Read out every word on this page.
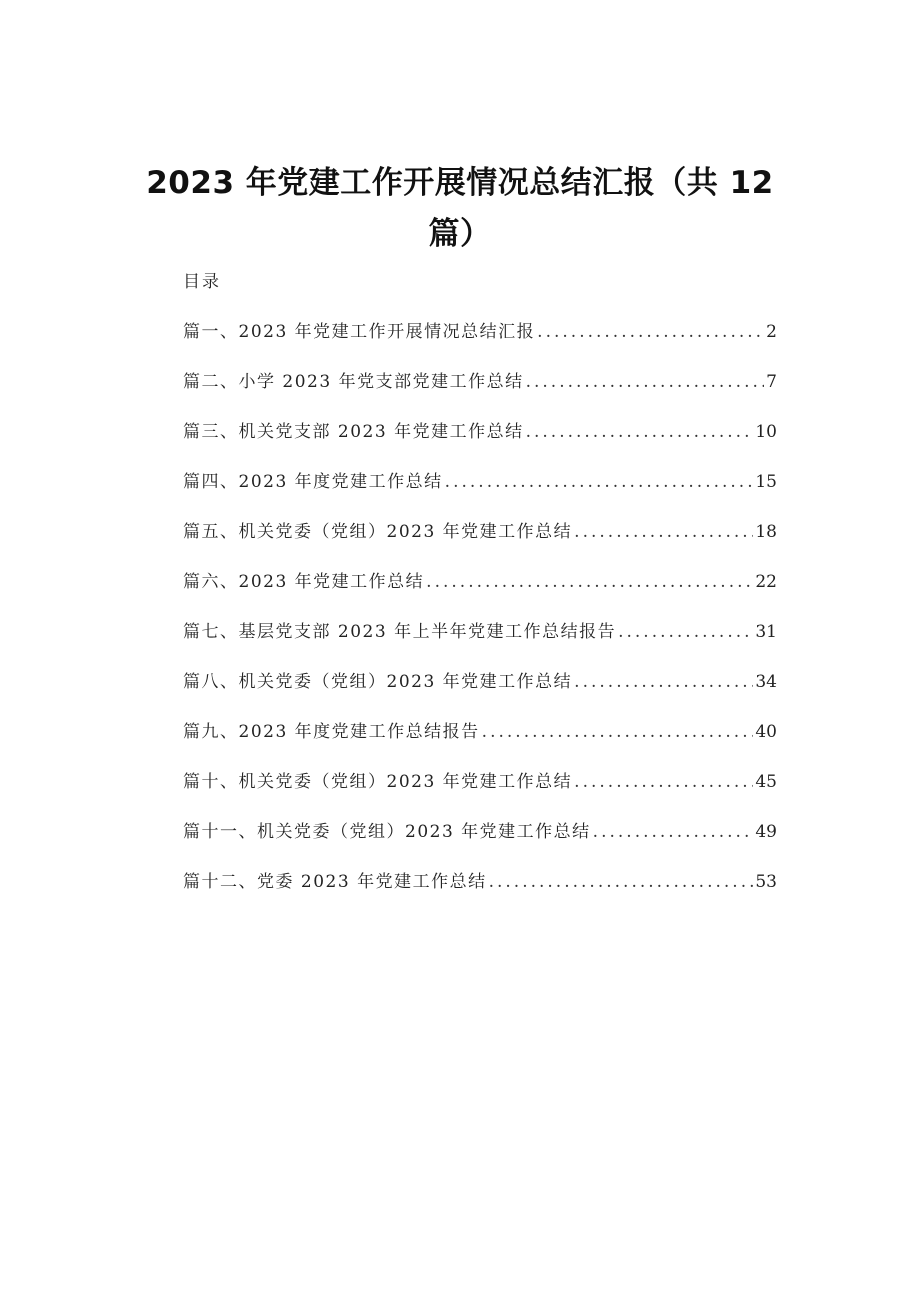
2023 年党建工作开展情况总结汇报（共 12
篇）
目录
篇一、2023 年党建工作开展情况总结汇报 .....	2
篇二、小学 2023 年党支部党建工作总结 .....	7
篇三、机关党支部 2023 年党建工作总结 .....	10
篇四、2023 年度党建工作总结 .....	15
篇五、机关党委（党组）2023 年党建工作总结 .....	18
篇六、2023 年党建工作总结 .....	22
篇七、基层党支部 2023 年上半年党建工作总结报告 .....	31
篇八、机关党委（党组）2023 年党建工作总结 .....	34
篇九、2023 年度党建工作总结报告 .....	40
篇十、机关党委（党组）2023 年党建工作总结 .....	45
篇十一、机关党委（党组）2023 年党建工作总结 .....	49
篇十二、党委 2023 年党建工作总结 .....	53
